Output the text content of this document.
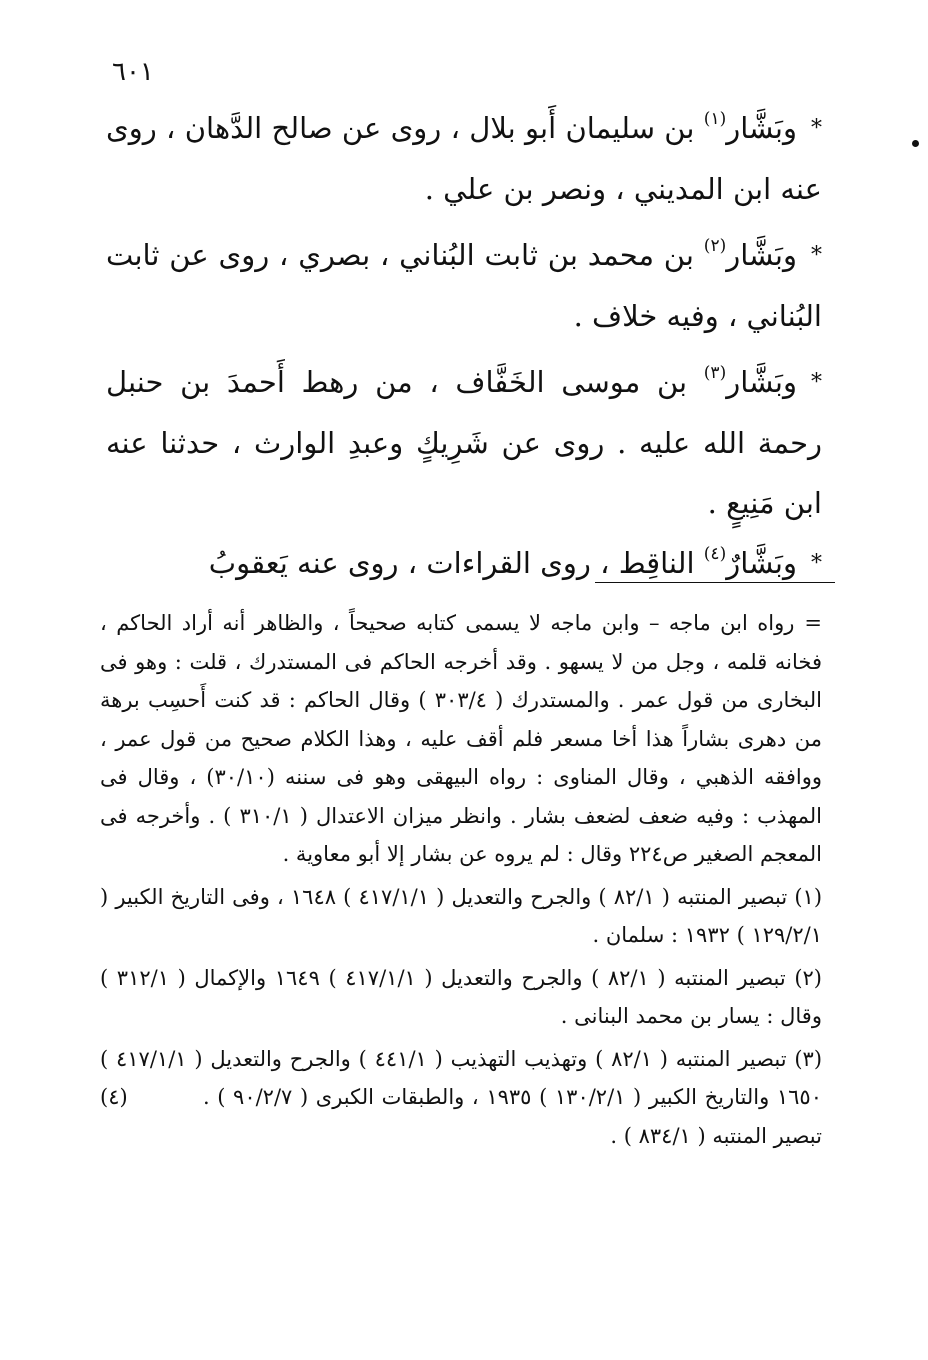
٦٠١

*وبَشَّار$^{(١)}$ بن سليمان أَبو بلال ، روى عن صالح الدَّهان ، روى عنه ابن المديني ، ونصر بن علي .

*وبَشَّار$^{(٢)}$ بن محمد بن ثابت البُناني ، بصري ، روى عن ثابت البُناني ، وفيه خلاف .

*وبَشَّار$^{(٣)}$ بن موسى الخَفَّاف ، من رهط أَحمدَ بن حنبل رحمة الله عليه . روى عن شَرِيكٍ وعبدِ الوارث ، حدثنا عنه ابن مَنِيعٍ .

*وبَشَّارٌ$^{(٤)}$ الناقِط ، روى القراءات ، روى عنه يَعقوبُ

=رواه ابن ماجه – وابن ماجه لا يسمى كتابه صحيحاً ، والظاهر أنه أراد الحاكم ، فخانه قلمه ، وجل من لا يسهو . وقد أخرجه الحاكم فى المستدرك ، قلت : وهو فى البخارى من قول عمر . والمستدرك ( ٣٠٣/٤ ) وقال الحاكم : قد كنت أَحسِب برهة من دهرى بشاراً هذا أخا مسعر فلم أقف عليه ، وهذا الكلام صحيح من قول عمر ، ووافقه الذهبي ، وقال المناوى : رواه البيهقى وهو فى سننه (٣٠/١٠) ، وقال فى المهذب : وفيه ضعف لضعف بشار . وانظر ميزان الاعتدال ( ٣١٠/١ ) . وأخرجه فى المعجم الصغير ص٢٢٤ وقال : لم يروه عن بشار إلا أبو معاوية .

(١) تبصير المنتبه ( ٨٢/١ ) والجرح والتعديل ( ٤١٧/١/١ ) ١٦٤٨ ، وفى التاريخ الكبير ( ١٢٩/٢/١ ) ١٩٣٢ : سلمان .

(٢) تبصير المنتبه ( ٨٢/١ ) والجرح والتعديل ( ٤١٧/١/١ ) ١٦٤٩ والإكمال ( ٣١٢/١ ) وقال : يسار بن محمد البنانى .

(٣) تبصير المنتبه ( ٨٢/١ ) وتهذيب التهذيب ( ٤٤١/١ ) والجرح والتعديل ( ٤١٧/١/١ ) ١٦٥٠ والتاريخ الكبير ( ١٣٠/٢/١ ) ١٩٣٥ ، والطبقات الكبرى ( ٩٠/٢/٧ ) .  (٤) تبصير المنتبه ( ٨٣٤/١ ) .
